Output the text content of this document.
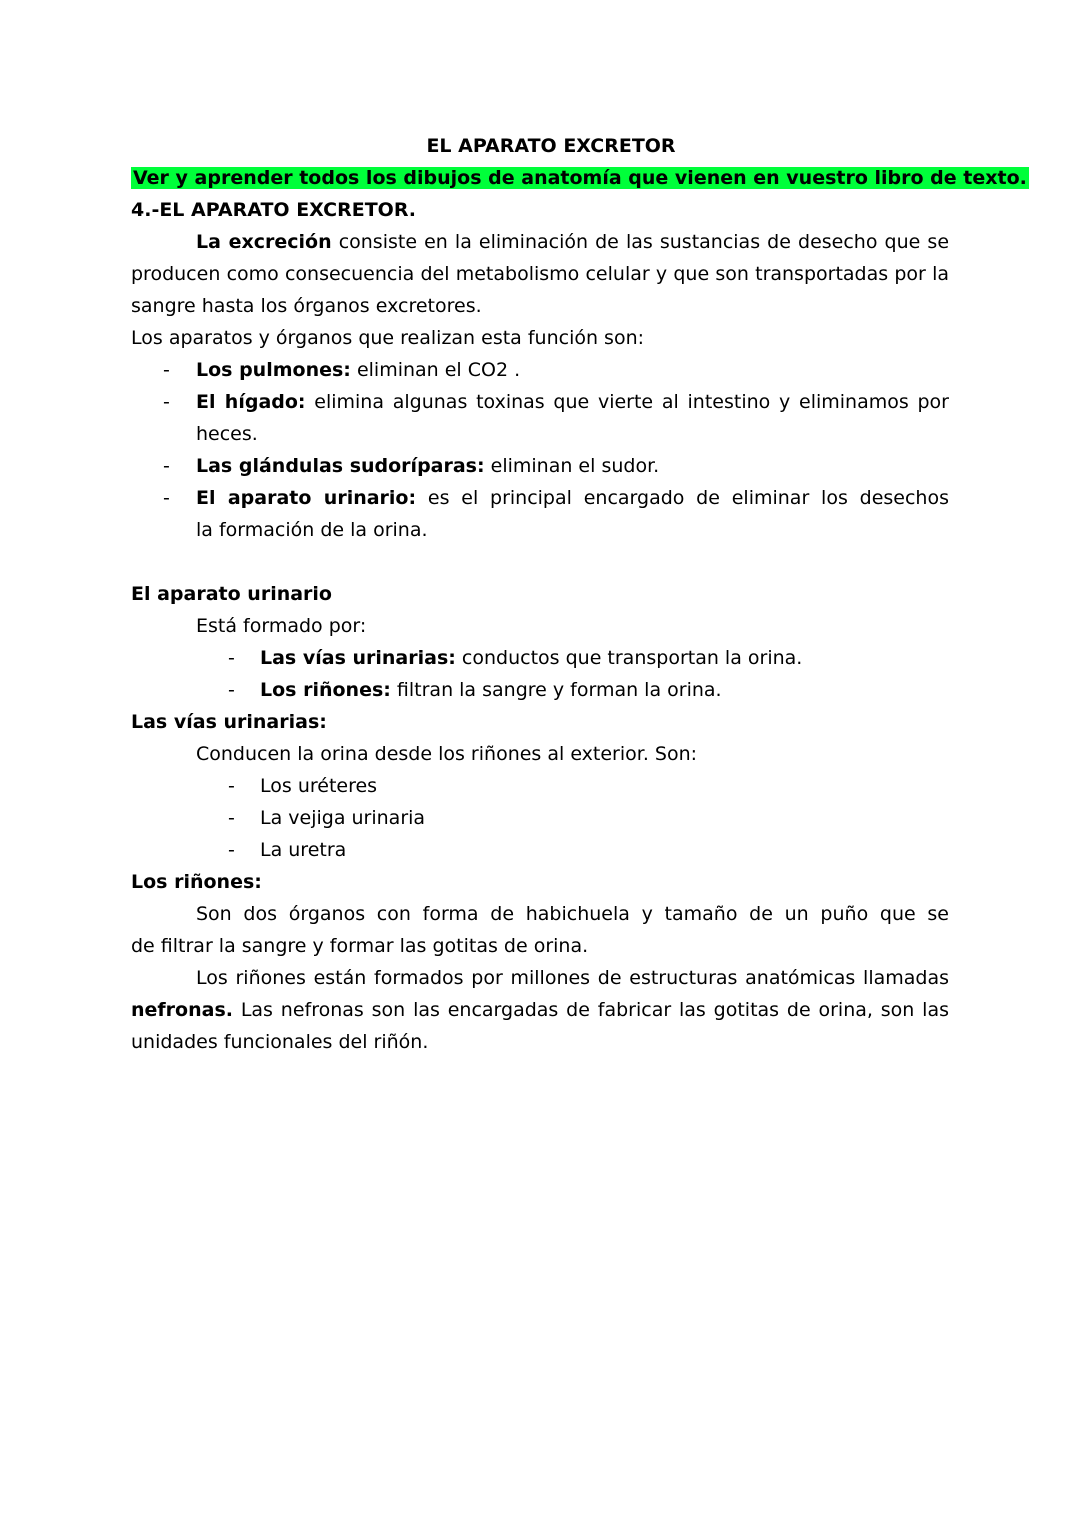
EL APARATO EXCRETOR
Ver y aprender todos los dibujos de anatomía que vienen en vuestro libro de texto.
4.-EL APARATO EXCRETOR.
La excreción consiste en la eliminación de las sustancias de desecho que se
producen como consecuencia del metabolismo celular y que son transportadas por la
sangre hasta los órganos excretores.
Los aparatos y órganos que realizan esta función son:
-	Los pulmones: eliminan el CO2 .
-	El hígado: elimina algunas toxinas que vierte al intestino y eliminamos por
heces.
-	Las glándulas sudoríparas: eliminan el sudor.
-	El aparato urinario: es el principal encargado de eliminar los desechos
la formación de la orina.
El aparato urinario
Está formado por:
-	Las vías urinarias: conductos que transportan la orina.
-	Los riñones: filtran la sangre y forman la orina.
Las vías urinarias:
Conducen la orina desde los riñones al exterior. Son:
-	Los uréteres
-	La vejiga urinaria
-	La uretra
Los riñones:
Son dos órganos con forma de habichuela y tamaño de un puño que se
de filtrar la sangre y formar las gotitas de orina.
Los riñones están formados por millones de estructuras anatómicas llamadas
nefronas. Las nefronas son las encargadas de fabricar las gotitas de orina, son las
unidades funcionales del riñón.
